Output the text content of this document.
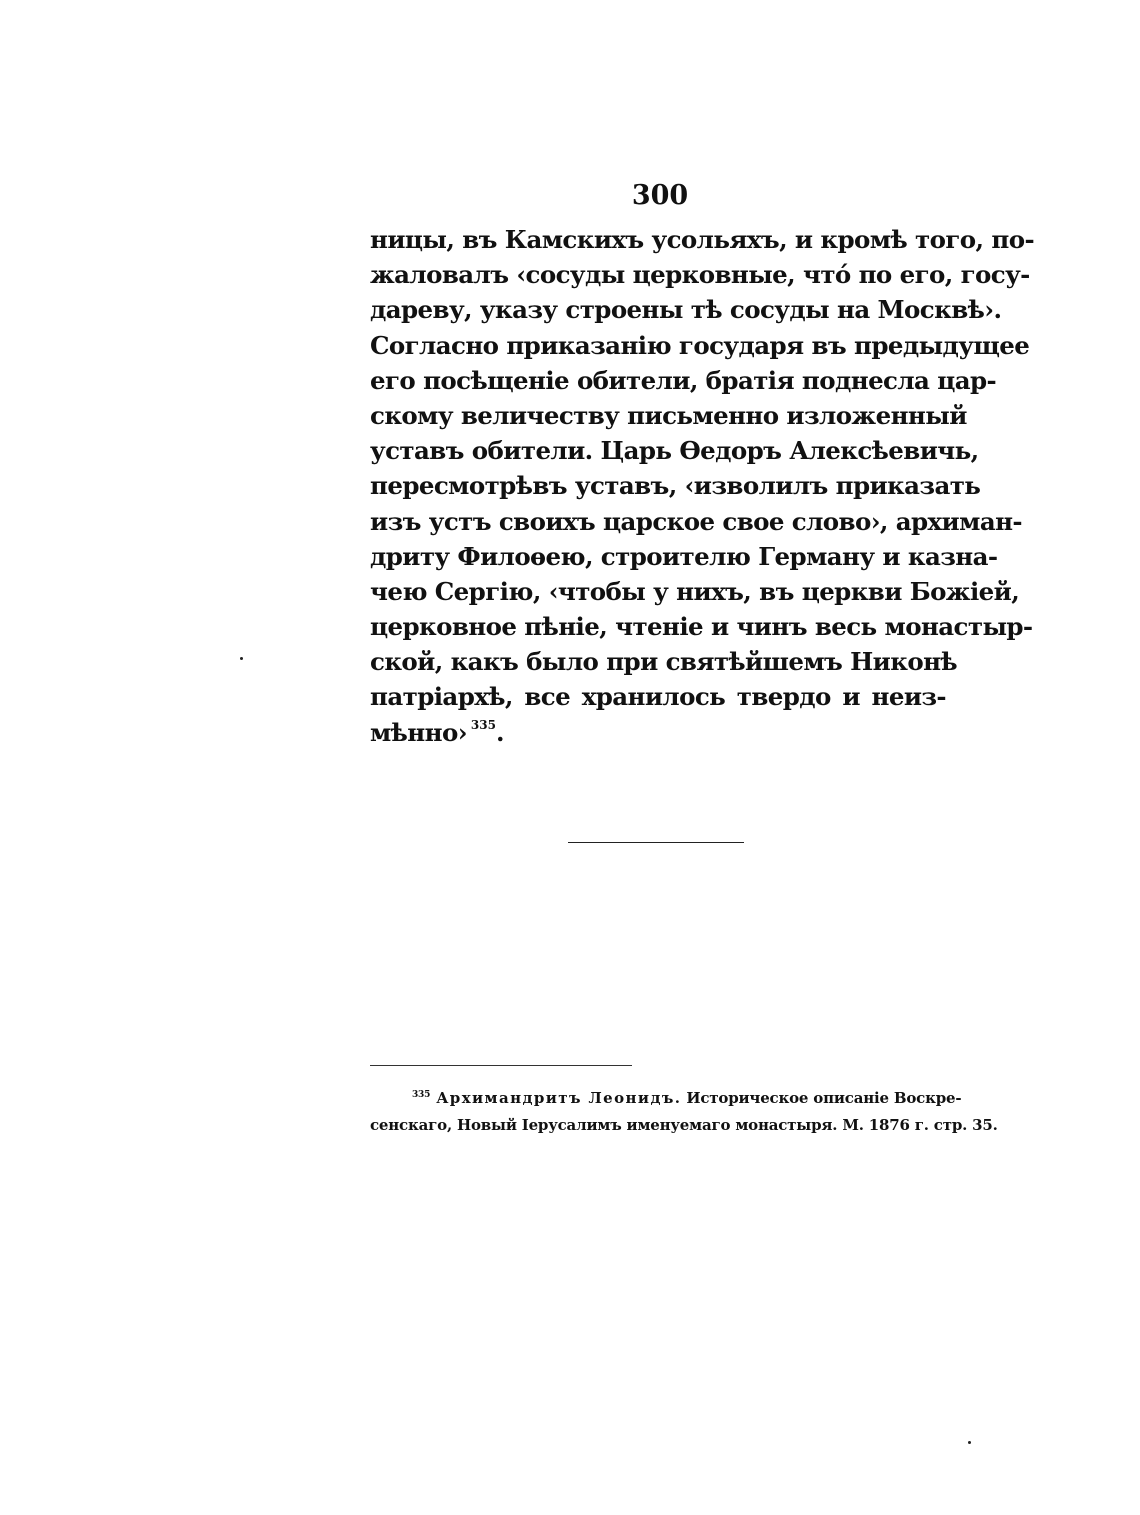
300
ницы, въ Камскихъ усольяхъ, и кромѣ того, по-
жаловалъ ‹сосуды церковные, чтó по его, госу-
дареву, указу строены тѣ сосуды на Москвѣ›.
Согласно приказанію государя въ предыдущее
его посѣщеніе обители, братія поднесла цар-
скому величеству письменно изложенный
уставъ обители. Царь Ѳедоръ Алексѣевичь,
пересмотрѣвъ уставъ, ‹изволилъ приказать
изъ устъ своихъ царское свое слово›, архиман-
дриту Филоѳею, строителю Герману и казна-
чею Сергію, ‹чтобы у нихъ, въ церкви Божіей,
церковное пѣніе, чтеніе и чинъ весь монастыр-
ской, какъ было при святѣйшемъ Никонѣ
патріархѣ, все хранилось твердо и неиз-
мѣнно› $^{335}$.
$^{335}$ Архимандритъ Леонидъ. Историческое описаніе Воскре-
сенскаго, Новый Іерусалимъ именуемаго монастыря. М. 1876 г. стр. 35.
